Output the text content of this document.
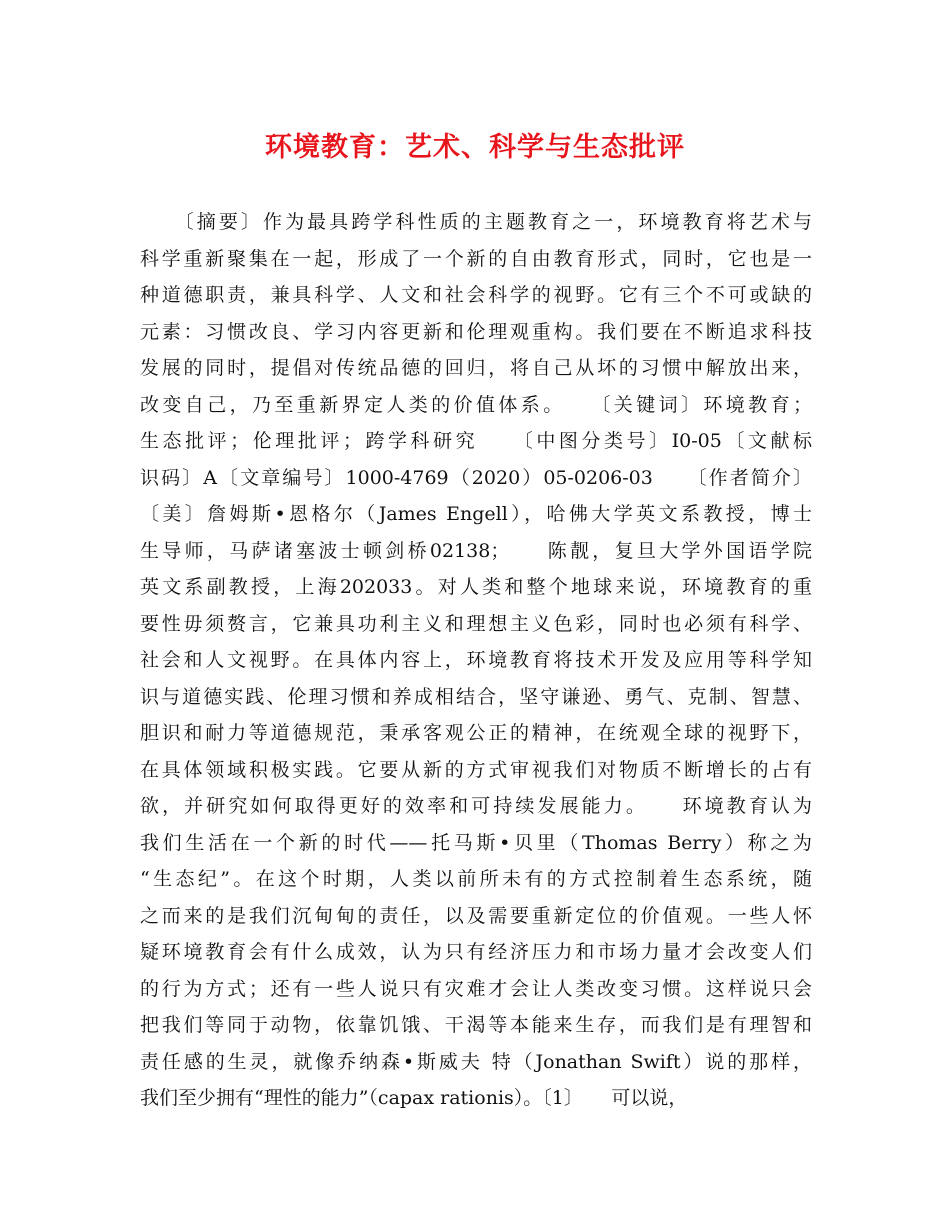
环境教育：艺术、科学与生态批评
　　〔摘要〕作为最具跨学科性质的主题教育之一，环境教育将艺术与
科学重新聚集在一起，形成了一个新的自由教育形式，同时，它也是一
种道德职责，兼具科学、人文和社会科学的视野。它有三个不可或缺的
元素：习惯改良、学习内容更新和伦理观重构。我们要在不断追求科技
发展的同时，提倡对传统品德的回归，将自己从坏的习惯中解放出来，
改变自己，乃至重新界定人类的价值体系。　　〔关键词〕环境教育；
生态批评；伦理批评；跨学科研究　　〔中图分类号〕I0-05〔文献标
识码〕A〔文章编号〕1000-4769（2020）05-0206-03　　〔作者简介〕
〔美〕詹姆斯•恩格尔（James Engell），哈佛大学英文系教授，博士
生导师，马萨诸塞波士顿剑桥02138；　　陈靓，复旦大学外国语学院
英文系副教授，上海202033。对人类和整个地球来说，环境教育的重
要性毋须赘言，它兼具功利主义和理想主义色彩，同时也必须有科学、
社会和人文视野。在具体内容上，环境教育将技术开发及应用等科学知
识与道德实践、伦理习惯和养成相结合，坚守谦逊、勇气、克制、智慧、
胆识和耐力等道德规范，秉承客观公正的精神，在统观全球的视野下，
在具体领域积极实践。它要从新的方式审视我们对物质不断增长的占有
欲，并研究如何取得更好的效率和可持续发展能力。　　环境教育认为
我们生活在一个新的时代——托马斯•贝里（Thomas Berry）称之为
“生态纪”。在这个时期，人类以前所未有的方式控制着生态系统，随
之而来的是我们沉甸甸的责任，以及需要重新定位的价值观。一些人怀
疑环境教育会有什么成效，认为只有经济压力和市场力量才会改变人们
的行为方式；还有一些人说只有灾难才会让人类改变习惯。这样说只会
把我们等同于动物，依靠饥饿、干渴等本能来生存，而我们是有理智和
责任感的生灵，就像乔纳森•斯威夫 特（Jonathan Swift）说的那样，
我们至少拥有“理性的能力”（capax rationis）。〔1〕　　可以说，
